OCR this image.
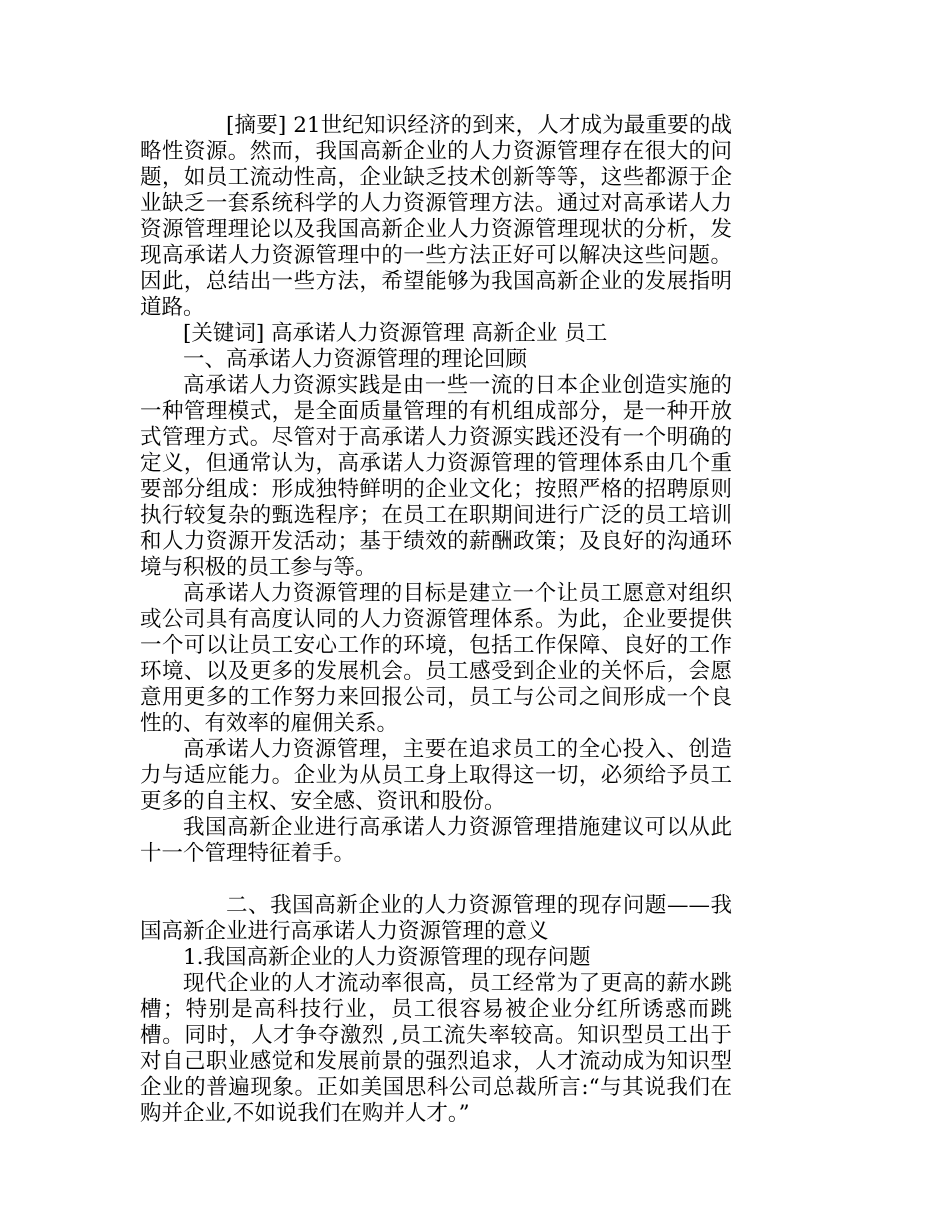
[摘要] 21世纪知识经济的到来，人才成为最重要的战略性资源。然而，我国高新企业的人力资源管理存在很大的问题，如员工流动性高，企业缺乏技术创新等等，这些都源于企业缺乏一套系统科学的人力资源管理方法。通过对高承诺人力资源管理理论以及我国高新企业人力资源管理现状的分析，发现高承诺人力资源管理中的一些方法正好可以解决这些问题。因此，总结出一些方法，希望能够为我国高新企业的发展指明道路。

[关键词] 高承诺人力资源管理 高新企业 员工

一、高承诺人力资源管理的理论回顾

高承诺人力资源实践是由一些一流的日本企业创造实施的一种管理模式，是全面质量管理的有机组成部分，是一种开放式管理方式。尽管对于高承诺人力资源实践还没有一个明确的定义，但通常认为，高承诺人力资源管理的管理体系由几个重要部分组成：形成独特鲜明的企业文化；按照严格的招聘原则执行较复杂的甄选程序；在员工在职期间进行广泛的员工培训和人力资源开发活动；基于绩效的薪酬政策；及良好的沟通环境与积极的员工参与等。

高承诺人力资源管理的目标是建立一个让员工愿意对组织或公司具有高度认同的人力资源管理体系。为此，企业要提供一个可以让员工安心工作的环境，包括工作保障、良好的工作环境、以及更多的发展机会。员工感受到企业的关怀后，会愿意用更多的工作努力来回报公司，员工与公司之间形成一个良性的、有效率的雇佣关系。

高承诺人力资源管理，主要在追求员工的全心投入、创造力与适应能力。企业为从员工身上取得这一切，必须给予员工更多的自主权、安全感、资讯和股份。

我国高新企业进行高承诺人力资源管理措施建议可以从此十一个管理特征着手。

二、我国高新企业的人力资源管理的现存问题——我国高新企业进行高承诺人力资源管理的意义

1.我国高新企业的人力资源管理的现存问题

现代企业的人才流动率很高，员工经常为了更高的薪水跳槽；特别是高科技行业，员工很容易被企业分红所诱惑而跳槽。同时，人才争夺激烈 ,员工流失率较高。知识型员工出于对自己职业感觉和发展前景的强烈追求，人才流动成为知识型企业的普遍现象。正如美国思科公司总裁所言:“与其说我们在购并企业,不如说我们在购并人才。”
